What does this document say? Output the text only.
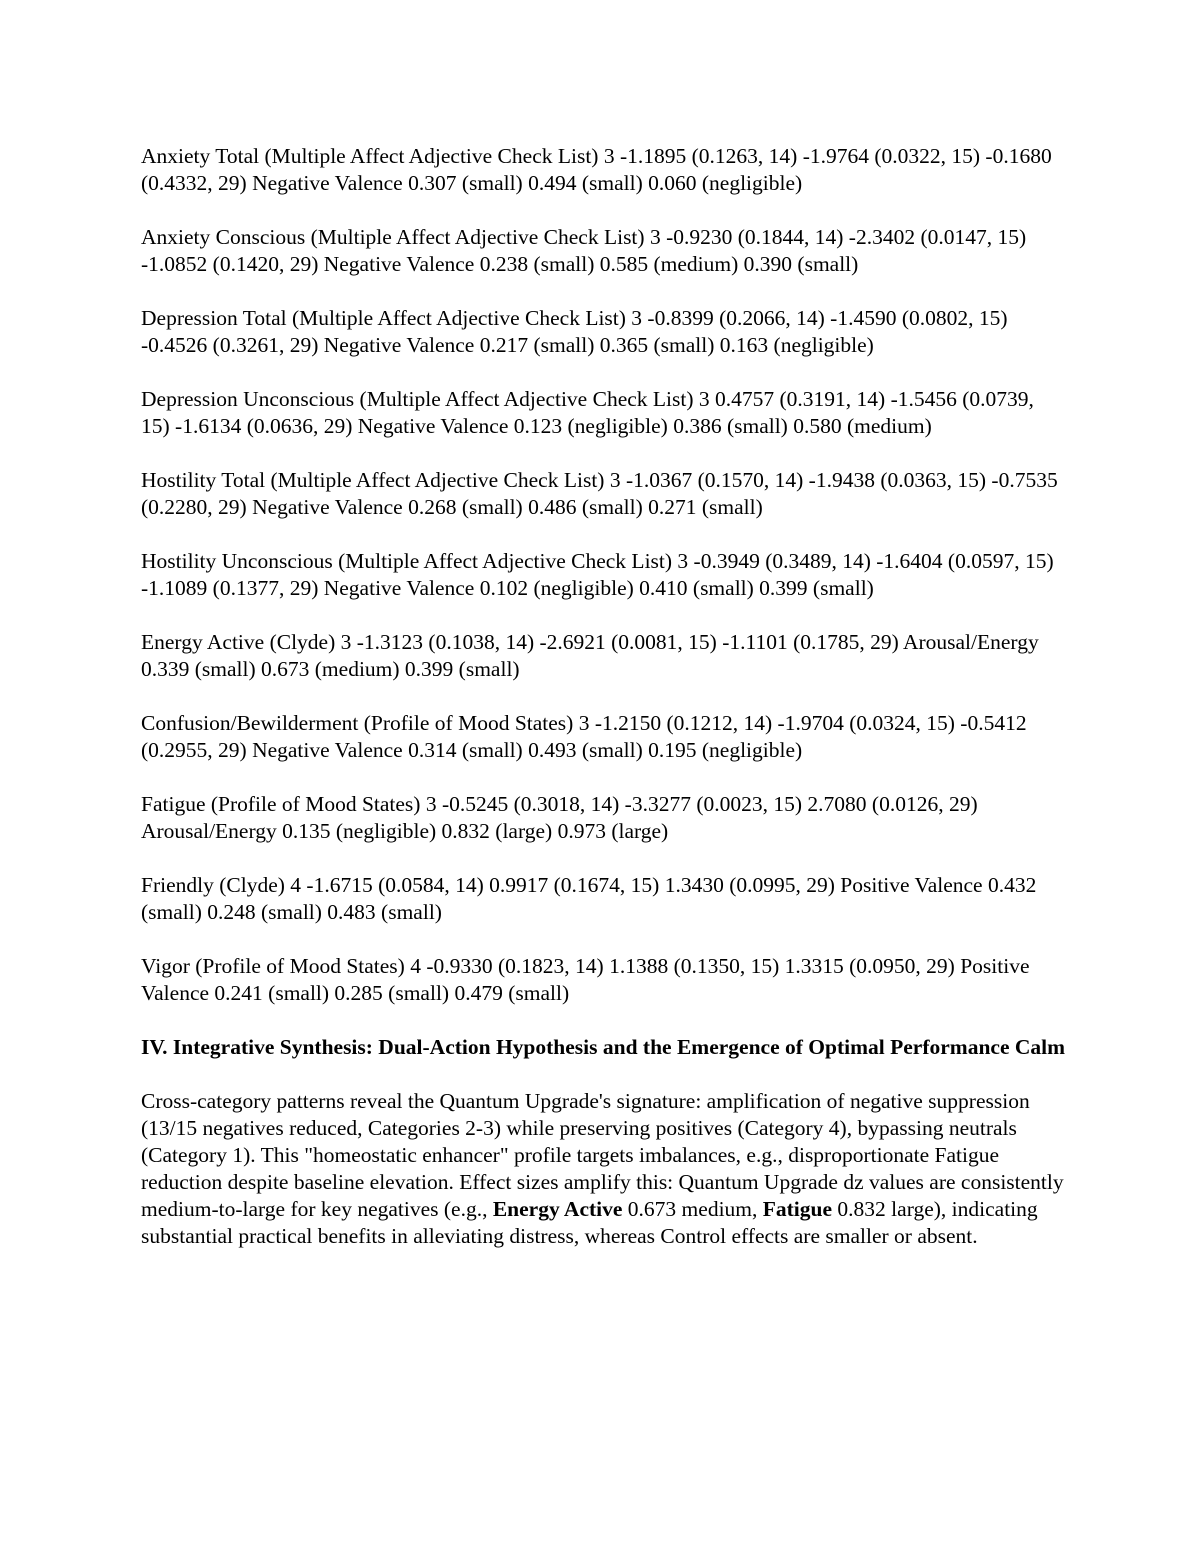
Anxiety Total (Multiple Affect Adjective Check List) 3 -1.1895 (0.1263, 14) -1.9764 (0.0322, 15) -0.1680 (0.4332, 29) Negative Valence 0.307 (small) 0.494 (small) 0.060 (negligible)

Anxiety Conscious (Multiple Affect Adjective Check List) 3 -0.9230 (0.1844, 14) -2.3402 (0.0147, 15) -1.0852 (0.1420, 29) Negative Valence 0.238 (small) 0.585 (medium) 0.390 (small)

Depression Total (Multiple Affect Adjective Check List) 3 -0.8399 (0.2066, 14) -1.4590 (0.0802, 15) -0.4526 (0.3261, 29) Negative Valence 0.217 (small) 0.365 (small) 0.163 (negligible)

Depression Unconscious (Multiple Affect Adjective Check List) 3 0.4757 (0.3191, 14) -1.5456 (0.0739, 15) -1.6134 (0.0636, 29) Negative Valence 0.123 (negligible) 0.386 (small) 0.580 (medium)

Hostility Total (Multiple Affect Adjective Check List) 3 -1.0367 (0.1570, 14) -1.9438 (0.0363, 15) -0.7535 (0.2280, 29) Negative Valence 0.268 (small) 0.486 (small) 0.271 (small)

Hostility Unconscious (Multiple Affect Adjective Check List) 3 -0.3949 (0.3489, 14) -1.6404 (0.0597, 15) -1.1089 (0.1377, 29) Negative Valence 0.102 (negligible) 0.410 (small) 0.399 (small)

Energy Active (Clyde) 3 -1.3123 (0.1038, 14) -2.6921 (0.0081, 15) -1.1101 (0.1785, 29) Arousal/Energy 0.339 (small) 0.673 (medium) 0.399 (small)

Confusion/Bewilderment (Profile of Mood States) 3 -1.2150 (0.1212, 14) -1.9704 (0.0324, 15) -0.5412 (0.2955, 29) Negative Valence 0.314 (small) 0.493 (small) 0.195 (negligible)

Fatigue (Profile of Mood States) 3 -0.5245 (0.3018, 14) -3.3277 (0.0023, 15) 2.7080 (0.0126, 29) Arousal/Energy 0.135 (negligible) 0.832 (large) 0.973 (large)

Friendly (Clyde) 4 -1.6715 (0.0584, 14) 0.9917 (0.1674, 15) 1.3430 (0.0995, 29) Positive Valence 0.432 (small) 0.248 (small) 0.483 (small)

Vigor (Profile of Mood States) 4 -0.9330 (0.1823, 14) 1.1388 (0.1350, 15) 1.3315 (0.0950, 29) Positive Valence 0.241 (small) 0.285 (small) 0.479 (small)

IV. Integrative Synthesis: Dual-Action Hypothesis and the Emergence of Optimal Performance Calm

Cross-category patterns reveal the Quantum Upgrade's signature: amplification of negative suppression (13/15 negatives reduced, Categories 2-3) while preserving positives (Category 4), bypassing neutrals (Category 1). This "homeostatic enhancer" profile targets imbalances, e.g., disproportionate Fatigue reduction despite baseline elevation. Effect sizes amplify this: Quantum Upgrade dz values are consistently medium-to-large for key negatives (e.g., Energy Active 0.673 medium, Fatigue 0.832 large), indicating substantial practical benefits in alleviating distress, whereas Control effects are smaller or absent.
